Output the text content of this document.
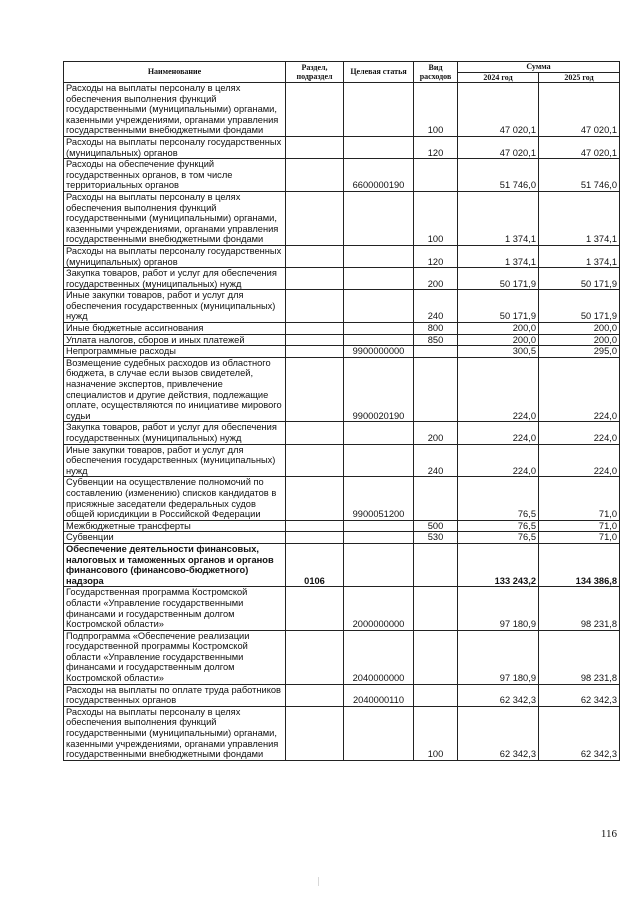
Наименование	Раздел, подраздел	Целевая статья	Вид расходов	Сумма	
				2024 год	2025 год
Расходы на выплаты персоналу в целях обеспечения выполнения функций государственными (муниципальными) органами, казенными учреждениями, органами управления государственными внебюджетными фондами			100	47 020,1	47 020,1
Расходы на выплаты персоналу государственных (муниципальных) органов			120	47 020,1	47 020,1
Расходы на обеспечение функций государственных органов, в том числе территориальных органов		6600000190		51 746,0	51 746,0
Расходы на выплаты персоналу в целях обеспечения выполнения функций государственными (муниципальными) органами, казенными учреждениями, органами управления государственными внебюджетными фондами			100	1 374,1	1 374,1
Расходы на выплаты персоналу государственных (муниципальных) органов			120	1 374,1	1 374,1
Закупка товаров, работ и услуг для обеспечения государственных (муниципальных) нужд			200	50 171,9	50 171,9
Иные закупки товаров, работ и услуг для обеспечения государственных (муниципальных) нужд			240	50 171,9	50 171,9
Иные бюджетные ассигнования			800	200,0	200,0
Уплата налогов, сборов и иных платежей			850	200,0	200,0
Непрограммные расходы		9900000000		300,5	295,0
Возмещение судебных расходов из областного бюджета, в случае если вызов свидетелей, назначение экспертов, привлечение специалистов и другие действия, подлежащие оплате, осуществляются по инициативе мирового судьи		9900020190		224,0	224,0
Закупка товаров, работ и услуг для обеспечения государственных (муниципальных) нужд			200	224,0	224,0
Иные закупки товаров, работ и услуг для обеспечения государственных (муниципальных) нужд			240	224,0	224,0
Субвенции на осуществление полномочий по составлению (изменению) списков кандидатов в присяжные заседатели федеральных судов общей юрисдикции в Российской Федерации		9900051200		76,5	71,0
Межбюджетные трансферты			500	76,5	71,0
Субвенции			530	76,5	71,0
Обеспечение деятельности финансовых, налоговых и таможенных органов и органов финансового (финансово-бюджетного) надзора	0106			133 243,2	134 386,8
Государственная программа Костромской области «Управление государственными финансами и государственным долгом Костромской области»		2000000000		97 180,9	98 231,8
Подпрограмма «Обеспечение реализации государственной программы Костромской области «Управление государственными финансами и государственным долгом Костромской области»		2040000000		97 180,9	98 231,8
Расходы на выплаты по оплате труда работников государственных органов		2040000110		62 342,3	62 342,3
Расходы на выплаты персоналу в целях обеспечения выполнения функций государственными (муниципальными) органами, казенными учреждениями, органами управления государственными внебюджетными фондами			100	62 342,3	62 342,3
116
